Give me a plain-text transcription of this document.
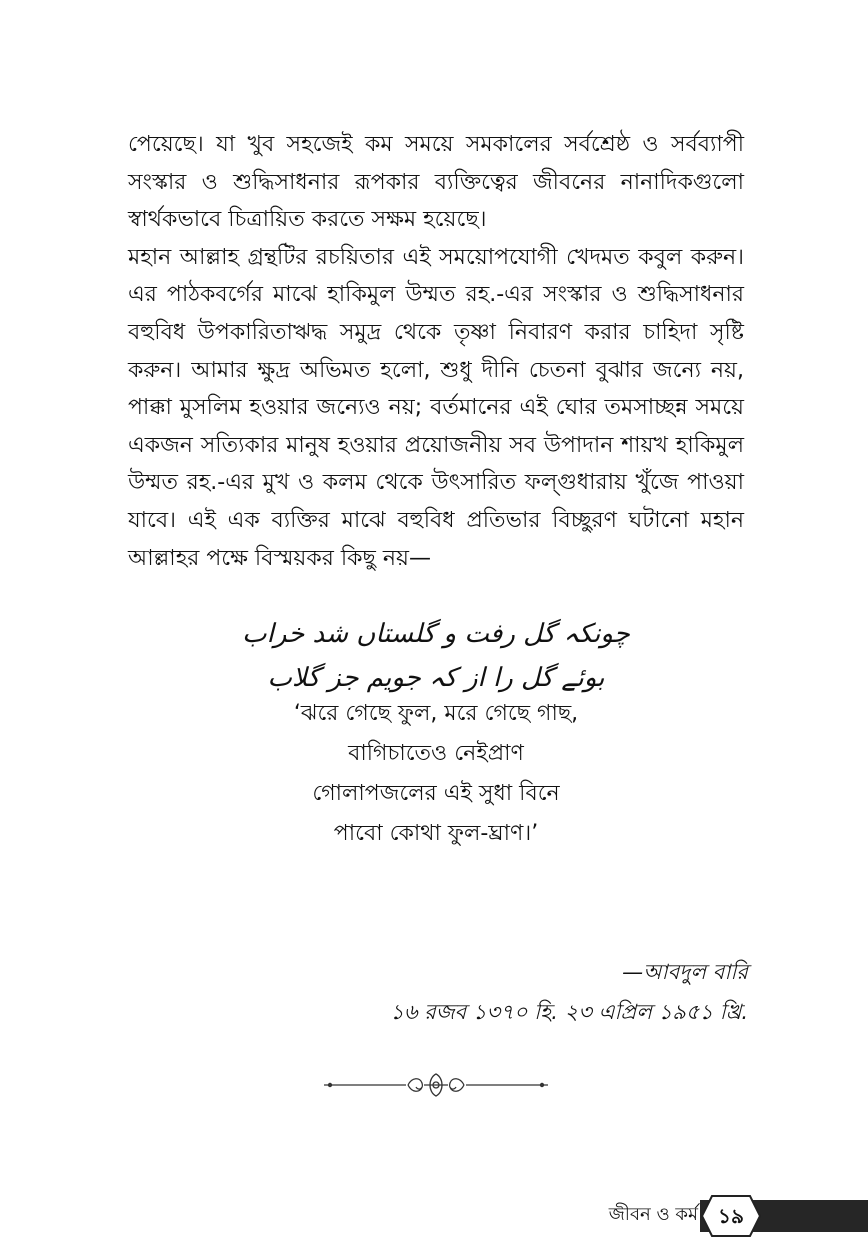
পেয়েছে। যা খুব সহজেই কম সময়ে সমকালের সর্বশ্রেষ্ঠ ও সর্বব্যাপী সংস্কার ও শুদ্ধিসাধনার রূপকার ব্যক্তিত্বের জীবনের নানাদিকগুলো স্বার্থকভাবে চিত্রায়িত করতে সক্ষম হয়েছে।

মহান আল্লাহ গ্রন্থটির রচয়িতার এই সময়োপযোগী খেদমত কবুল করুন। এর পাঠকবর্গের মাঝে হাকিমুল উম্মত রহ.-এর সংস্কার ও শুদ্ধিসাধনার বহুবিধ উপকারিতাঋদ্ধ সমুদ্র থেকে তৃষ্ণা নিবারণ করার চাহিদা সৃষ্টি করুন। আমার ক্ষুদ্র অভিমত হলো, শুধু দীনি চেতনা বুঝার জন্যে নয়, পাক্কা মুসলিম হওয়ার জন্যেও নয়; বর্তমানের এই ঘোর তমসাচ্ছন্ন সময়ে একজন সত্যিকার মানুষ হওয়ার প্রয়োজনীয় সব উপাদান শায়খ হাকিমুল উম্মত রহ.-এর মুখ ও কলম থেকে উৎসারিত ফল্গুধারায় খুঁজে পাওয়া যাবে। এই এক ব্যক্তির মাঝে বহুবিধ প্রতিভার বিচ্ছুরণ ঘটানো মহান আল্লাহর পক্ষে বিস্ময়কর কিছু নয়—

چونکہ گل رفت و گلستاں شد خراب
بوئے گل را از کہ جویم جز گلاب
‘ঝরে গেছে ফুল, মরে গেছে গাছ,
বাগিচাতেও নেইপ্রাণ
গোলাপজলের এই সুধা বিনে
পাবো কোথা ফুল-ঘ্রাণ।’
—আবদুল বারি
১৬ রজব ১৩৭০ হি. ২৩ এপ্রিল ১৯৫১ খ্রি.
জীবন ও কর্ম	১৯
